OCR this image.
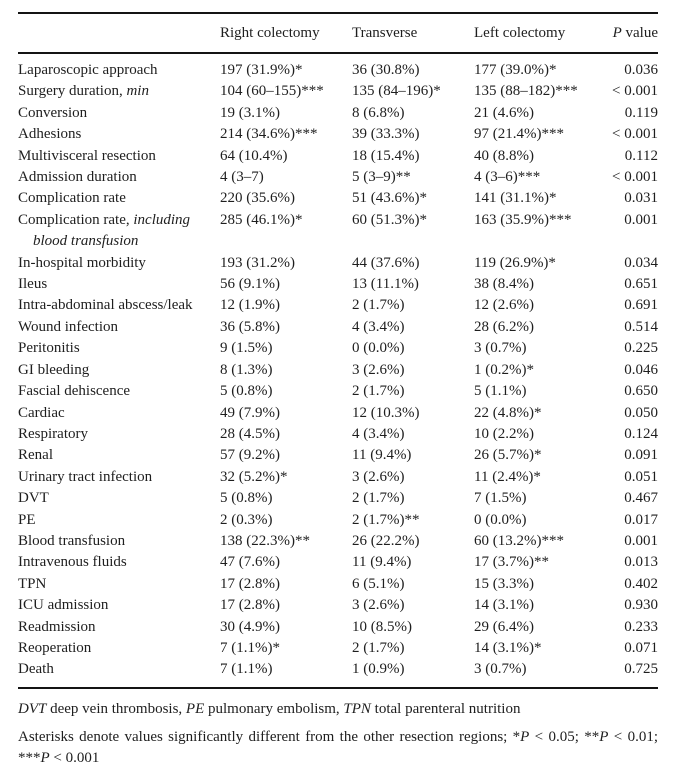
	Right colectomy	Transverse	Left colectomy	P value
Laparoscopic approach	197 (31.9%)*	36 (30.8%)	177 (39.0%)*	0.036
Surgery duration, min	104 (60–155)***	135 (84–196)*	135 (88–182)***	< 0.001
Conversion	19 (3.1%)	8 (6.8%)	21 (4.6%)	0.119
Adhesions	214 (34.6%)***	39 (33.3%)	97 (21.4%)***	< 0.001
Multivisceral resection	64 (10.4%)	18 (15.4%)	40 (8.8%)	0.112
Admission duration	4 (3–7)	5 (3–9)**	4 (3–6)***	< 0.001
Complication rate	220 (35.6%)	51 (43.6%)*	141 (31.1%)*	0.031
Complication rate, including
blood transfusion	285 (46.1%)*	60 (51.3%)*	163 (35.9%)***	0.001
In-hospital morbidity	193 (31.2%)	44 (37.6%)	119 (26.9%)*	0.034
Ileus	56 (9.1%)	13 (11.1%)	38 (8.4%)	0.651
Intra-abdominal abscess/leak	12 (1.9%)	2 (1.7%)	12 (2.6%)	0.691
Wound infection	36 (5.8%)	4 (3.4%)	28 (6.2%)	0.514
Peritonitis	9 (1.5%)	0 (0.0%)	3 (0.7%)	0.225
GI bleeding	8 (1.3%)	3 (2.6%)	1 (0.2%)*	0.046
Fascial dehiscence	5 (0.8%)	2 (1.7%)	5 (1.1%)	0.650
Cardiac	49 (7.9%)	12 (10.3%)	22 (4.8%)*	0.050
Respiratory	28 (4.5%)	4 (3.4%)	10 (2.2%)	0.124
Renal	57 (9.2%)	11 (9.4%)	26 (5.7%)*	0.091
Urinary tract infection	32 (5.2%)*	3 (2.6%)	11 (2.4%)*	0.051
DVT	5 (0.8%)	2 (1.7%)	7 (1.5%)	0.467
PE	2 (0.3%)	2 (1.7%)**	0 (0.0%)	0.017
Blood transfusion	138 (22.3%)**	26 (22.2%)	60 (13.2%)***	0.001
Intravenous fluids	47 (7.6%)	11 (9.4%)	17 (3.7%)**	0.013
TPN	17 (2.8%)	6 (5.1%)	15 (3.3%)	0.402
ICU admission	17 (2.8%)	3 (2.6%)	14 (3.1%)	0.930
Readmission	30 (4.9%)	10 (8.5%)	29 (6.4%)	0.233
Reoperation	7 (1.1%)*	2 (1.7%)	14 (3.1%)*	0.071
Death	7 (1.1%)	1 (0.9%)	3 (0.7%)	0.725

DVT deep vein thrombosis, PE pulmonary embolism, TPN total parenteral nutrition

Asterisks denote values significantly different from the other resection regions; *P < 0.05; **P < 0.01; ***P < 0.001
